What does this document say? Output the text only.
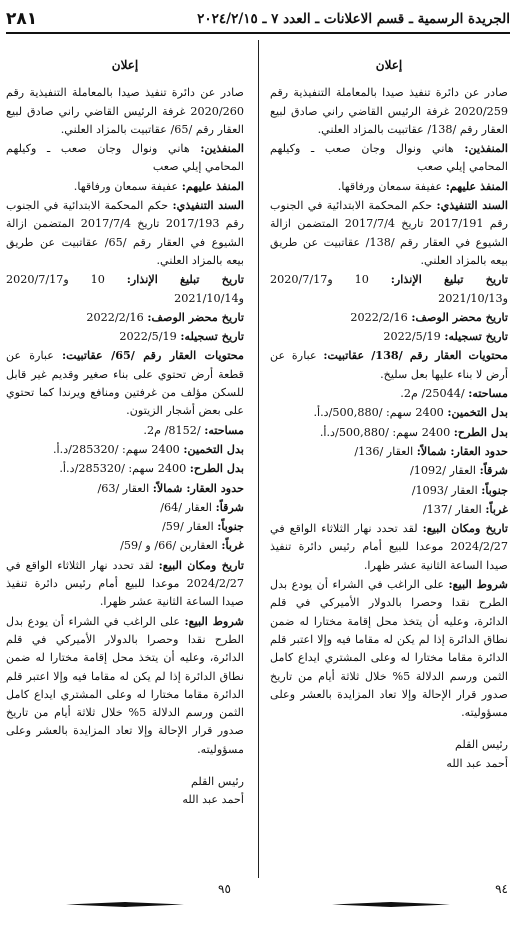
الجريدة الرسمية ـ قسم الاعلانات ـ العدد ٧ ـ ٢٠٢٤/٢/١٥
٢٨١

إعلان

صادر عن دائرة تنفيذ صيدا بالمعاملة التنفيذية رقم 2020/259 غرفة الرئيس القاضي راني صادق لبيع العقار رقم /138/ عقاتبيت بالمزاد العلني.

المنفذين: هاني ونوال وجان صعب ـ وكيلهم المحامي إيلي صعب

المنفذ عليهم: عفيفة سمعان ورفاقها.

السند التنفيذي: حكم المحكمة الابتدائية في الجنوب رقم 2017/191 تاريخ 2017/7/4 المتضمن ازالة الشيوع في العقار رقم /138/ عقاتبيت عن طريق بيعه بالمزاد العلني.

تاريخ تبليغ الإنذار: 10 و2020/7/17 و2021/10/13

تاريخ محضر الوصف: 2022/2/16

تاريخ تسجيله: 2022/5/19

محتويات العقار رقم /138/ عقاتبيت: عبارة عن أرض لا بناء عليها بعل سليخ.

مساحته: /25044/ م2.

بدل التخمين: 2400 سهم: /500,880/د.أ.

بدل الطرح: 2400 سهم: /500,880/د.أ.

حدود العقار: شمالاً: العقار /136/

شرقاً: العقار /1092/

جنوباً: العقار /1093/

غرباً: العقار /137/

تاريخ ومكان البيع: لقد تحدد نهار الثلاثاء الواقع في 2024/2/27 موعدا للبيع أمام رئيس دائرة تنفيذ صيدا الساعة الثانية عشر ظهرا.

شروط البيع: على الراغب في الشراء أن يودع بدل الطرح نقدا وحصرا بالدولار الأميركي في قلم الدائرة، وعليه أن يتخذ محل إقامة مختارا له ضمن نطاق الدائرة إذا لم يكن له مقاما فيه وإلا اعتبر قلم الدائرة مقاما مختارا له وعلى المشتري ايداع كامل الثمن ورسم الدلالة 5% خلال ثلاثة أيام من تاريخ صدور قرار الإحالة وإلا تعاد المزايدة بالعشر وعلى مسؤوليته.

رئيس القلم

أحمد عبد الله

إعلان

صادر عن دائرة تنفيذ صيدا بالمعاملة التنفيذية رقم 2020/260 غرفة الرئيس القاضي راني صادق لبيع العقار رقم /65/ عقاتبيت بالمزاد العلني.

المنفذين: هاني ونوال وجان صعب ـ وكيلهم المحامي إيلي صعب

المنفذ عليهم: عفيفة سمعان ورفاقها.

السند التنفيذي: حكم المحكمة الابتدائية في الجنوب رقم 2017/193 تاريخ 2017/7/4 المتضمن ازالة الشيوع في العقار رقم /65/ عقاتبيت عن طريق بيعه بالمزاد العلني.

تاريخ تبليغ الإنذار: 10 و2020/7/17 و2021/10/14

تاريخ محضر الوصف: 2022/2/16

تاريخ تسجيله: 2022/5/19

محتويات العقار رقم /65/ عقاتبيت: عبارة عن قطعة أرض تحتوي على بناء صغير وقديم غير قابل للسكن مؤلف من غرفتين ومنافع ويرندا كما تحتوي على بعض أشجار الزيتون.

مساحته: /8152/ م2.

بدل التخمين: 2400 سهم: /285320/د.أ.

بدل الطرح: 2400 سهم: /285320/د.أ.

حدود العقار: شمالاً: العقار /63/

شرقاً: العقار /64/

جنوباً: العقار /59/

غرباً: العقاربن /66/ و /59/

تاريخ ومكان البيع: لقد تحدد نهار الثلاثاء الواقع في 2024/2/27 موعدا للبيع أمام رئيس دائرة تنفيذ صيدا الساعة الثانية عشر ظهرا.

شروط البيع: على الراغب في الشراء أن يودع بدل الطرح نقدا وحصرا بالدولار الأميركي في قلم الدائرة، وعليه أن يتخذ محل إقامة مختارا له ضمن نطاق الدائرة إذا لم يكن له مقاما فيه وإلا اعتبر قلم الدائرة مقاما مختارا له وعلى المشتري ايداع كامل الثمن ورسم الدلالة 5% خلال ثلاثة أيام من تاريخ صدور قرار الإحالة وإلا تعاد المزايدة بالعشر وعلى مسؤوليته.

رئيس القلم

أحمد عبد الله

٩٤
٩٥
